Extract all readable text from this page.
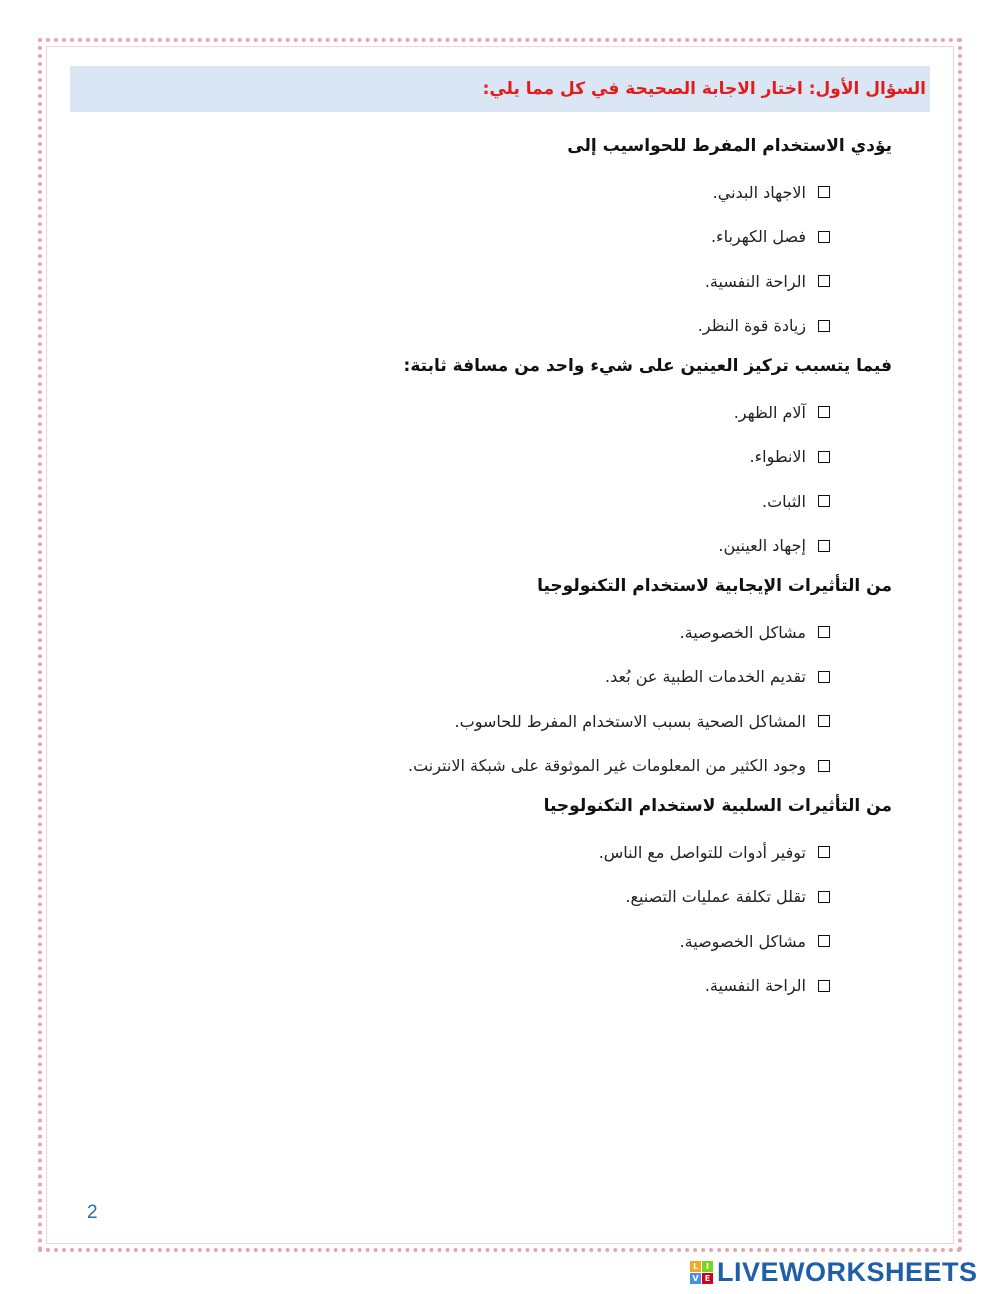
السؤال الأول: اختار الاجابة الصحيحة في كل مما يلي:
يؤدي الاستخدام المفرط للحواسيب إلى
الاجهاد البدني.
فصل الكهرباء.
الراحة النفسية.
زيادة قوة النظر.
فيما يتسبب تركيز العينين على شيء واحد من مسافة ثابتة:
آلام الظهر.
الانطواء.
الثبات.
إجهاد العينين.
من التأثيرات الإيجابية لاستخدام التكنولوجيا
مشاكل الخصوصية.
تقديم الخدمات الطبية عن بُعد.
المشاكل الصحية بسبب الاستخدام المفرط للحاسوب.
وجود الكثير من المعلومات غير الموثوقة على شبكة الانترنت.
من التأثيرات السلبية لاستخدام التكنولوجيا
توفير أدوات للتواصل مع الناس.
تقلل تكلفة عمليات التصنيع.
مشاكل الخصوصية.
الراحة النفسية.
2
L I
V E LIVEWORKSHEETS
